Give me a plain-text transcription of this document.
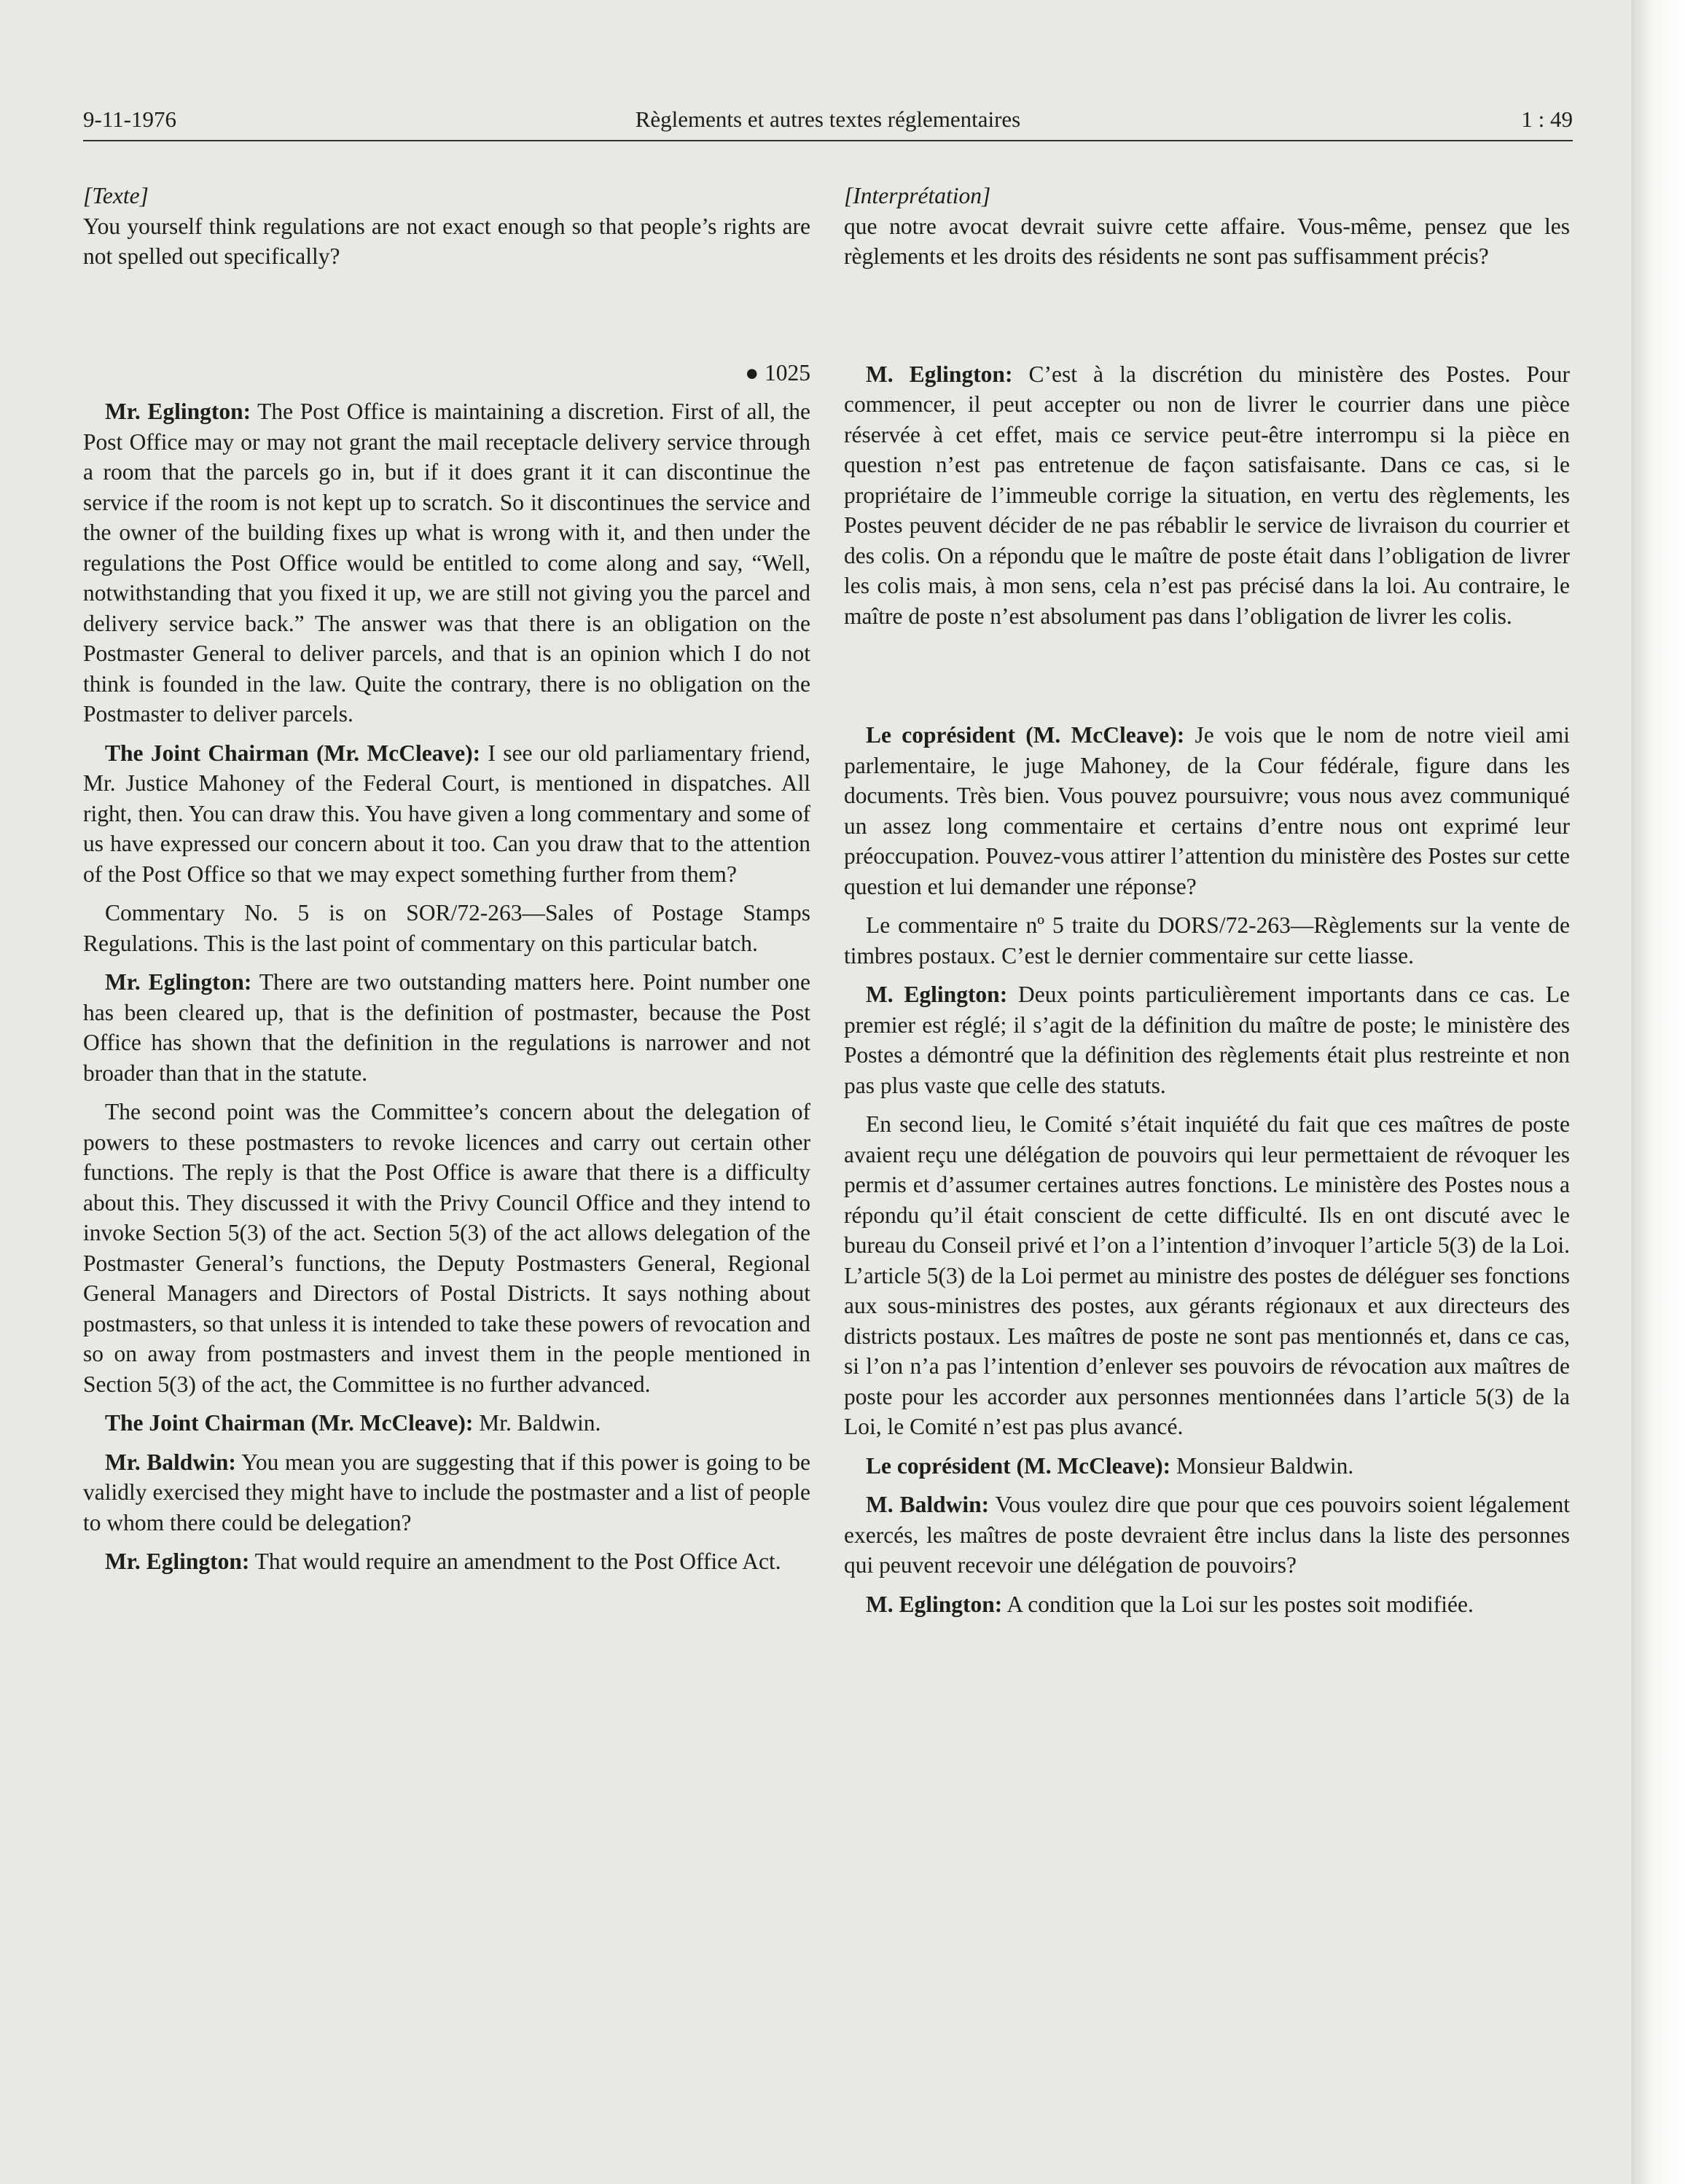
9-11-1976	Règlements et autres textes réglementaires	1 : 49

[Texte]

You yourself think regulations are not exact enough so that people’s rights are not spelled out specifically?

● 1025

Mr. Eglington: The Post Office is maintaining a discretion. First of all, the Post Office may or may not grant the mail receptacle delivery service through a room that the parcels go in, but if it does grant it it can discontinue the service if the room is not kept up to scratch. So it discontinues the service and the owner of the building fixes up what is wrong with it, and then under the regulations the Post Office would be entitled to come along and say, “Well, notwithstanding that you fixed it up, we are still not giving you the parcel and delivery service back.” The answer was that there is an obligation on the Postmaster General to deliver parcels, and that is an opinion which I do not think is founded in the law. Quite the contrary, there is no obligation on the Postmaster to deliver parcels.

The Joint Chairman (Mr. McCleave): I see our old parliamentary friend, Mr. Justice Mahoney of the Federal Court, is mentioned in dispatches. All right, then. You can draw this. You have given a long commentary and some of us have expressed our concern about it too. Can you draw that to the attention of the Post Office so that we may expect something further from them?

Commentary No. 5 is on SOR/72-263—Sales of Postage Stamps Regulations. This is the last point of commentary on this particular batch.

Mr. Eglington: There are two outstanding matters here. Point number one has been cleared up, that is the definition of postmaster, because the Post Office has shown that the definition in the regulations is narrower and not broader than that in the statute.

The second point was the Committee’s concern about the delegation of powers to these postmasters to revoke licences and carry out certain other functions. The reply is that the Post Office is aware that there is a difficulty about this. They discussed it with the Privy Council Office and they intend to invoke Section 5(3) of the act. Section 5(3) of the act allows delegation of the Postmaster General’s functions, the Deputy Postmasters General, Regional General Managers and Directors of Postal Districts. It says nothing about postmasters, so that unless it is intended to take these powers of revocation and so on away from postmasters and invest them in the people mentioned in Section 5(3) of the act, the Committee is no further advanced.

The Joint Chairman (Mr. McCleave): Mr. Baldwin.

Mr. Baldwin: You mean you are suggesting that if this power is going to be validly exercised they might have to include the postmaster and a list of people to whom there could be delegation?

Mr. Eglington: That would require an amendment to the Post Office Act.

[Interprétation]

que notre avocat devrait suivre cette affaire. Vous-même, pensez que les règlements et les droits des résidents ne sont pas suffisamment précis?

M. Eglington: C’est à la discrétion du ministère des Postes. Pour commencer, il peut accepter ou non de livrer le courrier dans une pièce réservée à cet effet, mais ce service peut-être interrompu si la pièce en question n’est pas entretenue de façon satisfaisante. Dans ce cas, si le propriétaire de l’immeuble corrige la situation, en vertu des règlements, les Postes peuvent décider de ne pas rébablir le service de livraison du courrier et des colis. On a répondu que le maître de poste était dans l’obligation de livrer les colis mais, à mon sens, cela n’est pas précisé dans la loi. Au contraire, le maître de poste n’est absolument pas dans l’obligation de livrer les colis.

Le coprésident (M. McCleave): Je vois que le nom de notre vieil ami parlementaire, le juge Mahoney, de la Cour fédérale, figure dans les documents. Très bien. Vous pouvez poursuivre; vous nous avez communiqué un assez long commentaire et certains d’entre nous ont exprimé leur préoccupation. Pouvez-vous attirer l’attention du ministère des Postes sur cette question et lui demander une réponse?

Le commentaire nº 5 traite du DORS/72-263—Règlements sur la vente de timbres postaux. C’est le dernier commentaire sur cette liasse.

M. Eglington: Deux points particulièrement importants dans ce cas. Le premier est réglé; il s’agit de la définition du maître de poste; le ministère des Postes a démontré que la définition des règlements était plus restreinte et non pas plus vaste que celle des statuts.

En second lieu, le Comité s’était inquiété du fait que ces maîtres de poste avaient reçu une délégation de pouvoirs qui leur permettaient de révoquer les permis et d’assumer certaines autres fonctions. Le ministère des Postes nous a répondu qu’il était conscient de cette difficulté. Ils en ont discuté avec le bureau du Conseil privé et l’on a l’intention d’invoquer l’article 5(3) de la Loi. L’article 5(3) de la Loi permet au ministre des postes de déléguer ses fonctions aux sous-ministres des postes, aux gérants régionaux et aux directeurs des districts postaux. Les maîtres de poste ne sont pas mentionnés et, dans ce cas, si l’on n’a pas l’intention d’enlever ses pouvoirs de révocation aux maîtres de poste pour les accorder aux personnes mentionnées dans l’article 5(3) de la Loi, le Comité n’est pas plus avancé.

Le coprésident (M. McCleave): Monsieur Baldwin.

M. Baldwin: Vous voulez dire que pour que ces pouvoirs soient légalement exercés, les maîtres de poste devraient être inclus dans la liste des personnes qui peuvent recevoir une délégation de pouvoirs?

M. Eglington: A condition que la Loi sur les postes soit modifiée.
